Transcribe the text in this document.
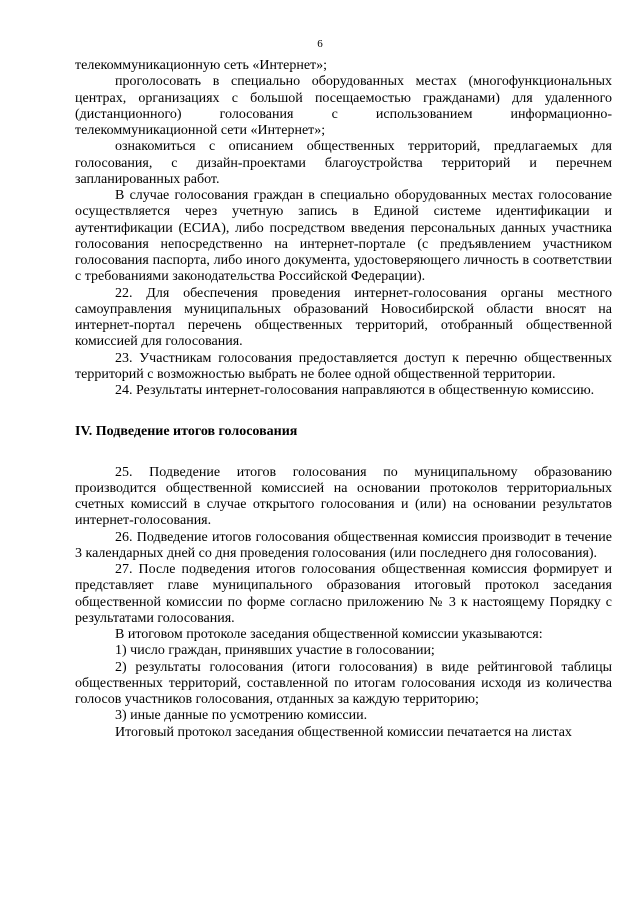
6

телекоммуникационную сеть «Интернет»;

проголосовать в специально оборудованных местах (многофункциональных центрах, организациях с большой посещаемостью гражданами) для удаленного (дистанционного) голосования с использованием информационно-телекоммуникационной сети «Интернет»;

ознакомиться с описанием общественных территорий, предлагаемых для голосования, с дизайн-проектами благоустройства территорий и перечнем запланированных работ.

В случае голосования граждан в специально оборудованных местах голосование осуществляется через учетную запись в Единой системе идентификации и аутентификации (ЕСИА), либо посредством введения персональных данных участника голосования непосредственно на интернет-портале (с предъявлением участником голосования паспорта, либо иного документа, удостоверяющего личность в соответствии с требованиями законодательства Российской Федерации).

22. Для обеспечения проведения интернет-голосования органы местного самоуправления муниципальных образований Новосибирской области вносят на интернет-портал перечень общественных территорий, отобранный общественной комиссией для голосования.

23. Участникам голосования предоставляется доступ к перечню общественных территорий с возможностью выбрать не более одной общественной территории.

24. Результаты интернет-голосования направляются в общественную комиссию.

IV. Подведение итогов голосования

25. Подведение итогов голосования по муниципальному образованию производится общественной комиссией на основании протоколов территориальных счетных комиссий в случае открытого голосования и (или) на основании результатов интернет-голосования.

26. Подведение итогов голосования общественная комиссия производит в течение 3 календарных дней со дня проведения голосования (или последнего дня голосования).

27. После подведения итогов голосования общественная комиссия формирует и представляет главе муниципального образования итоговый протокол заседания общественной комиссии по форме согласно приложению № 3 к настоящему Порядку с результатами голосования.

В итоговом протоколе заседания общественной комиссии указываются:

1) число граждан, принявших участие в голосовании;

2) результаты голосования (итоги голосования) в виде рейтинговой таблицы общественных территорий, составленной по итогам голосования исходя из количества голосов участников голосования, отданных за каждую территорию;

3) иные данные по усмотрению комиссии.

Итоговый протокол заседания общественной комиссии печатается на листах
